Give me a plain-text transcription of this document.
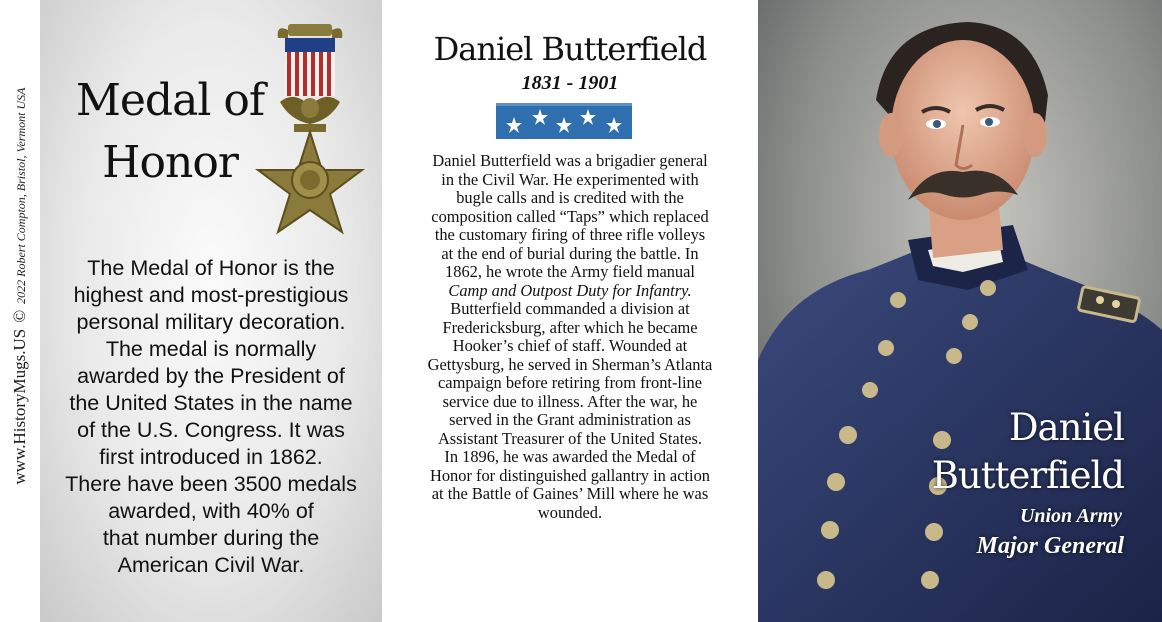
www.HistoryMugs.US
©
2022 Robert Compton, Bristol, Vermont USA Medal of
Honor
The Medal of Honor is the
highest and most-prestigious
personal military decoration.
The medal is normally
awarded by the President of
the United States in the name
of the U.S. Congress. It was
first introduced in 1862.
There have been 3500 medals
awarded, with 40% of
that number during the
American Civil War.
Daniel Butterfield
1831 - 1901
Daniel Butterfield was a brigadier general
in the Civil War. He experimented with
bugle calls and is credited with the
composition called “Taps” which replaced
the customary firing of three rifle volleys
at the end of burial during the battle. In
1862, he wrote the Army field manual
Camp and Outpost Duty for Infantry.
Butterfield commanded a division at
Fredericksburg, after which he became
Hooker’s chief of staff. Wounded at
Gettysburg, he served in Sherman’s Atlanta
campaign before retiring from front-line
service due to illness. After the war, he
served in the Grant administration as
Assistant Treasurer of the United States.
In 1896, he was awarded the Medal of
Honor for distinguished gallantry in action
at the Battle of Gaines’ Mill where he was
wounded.
Daniel
Butterfield
Union Army
Major General
